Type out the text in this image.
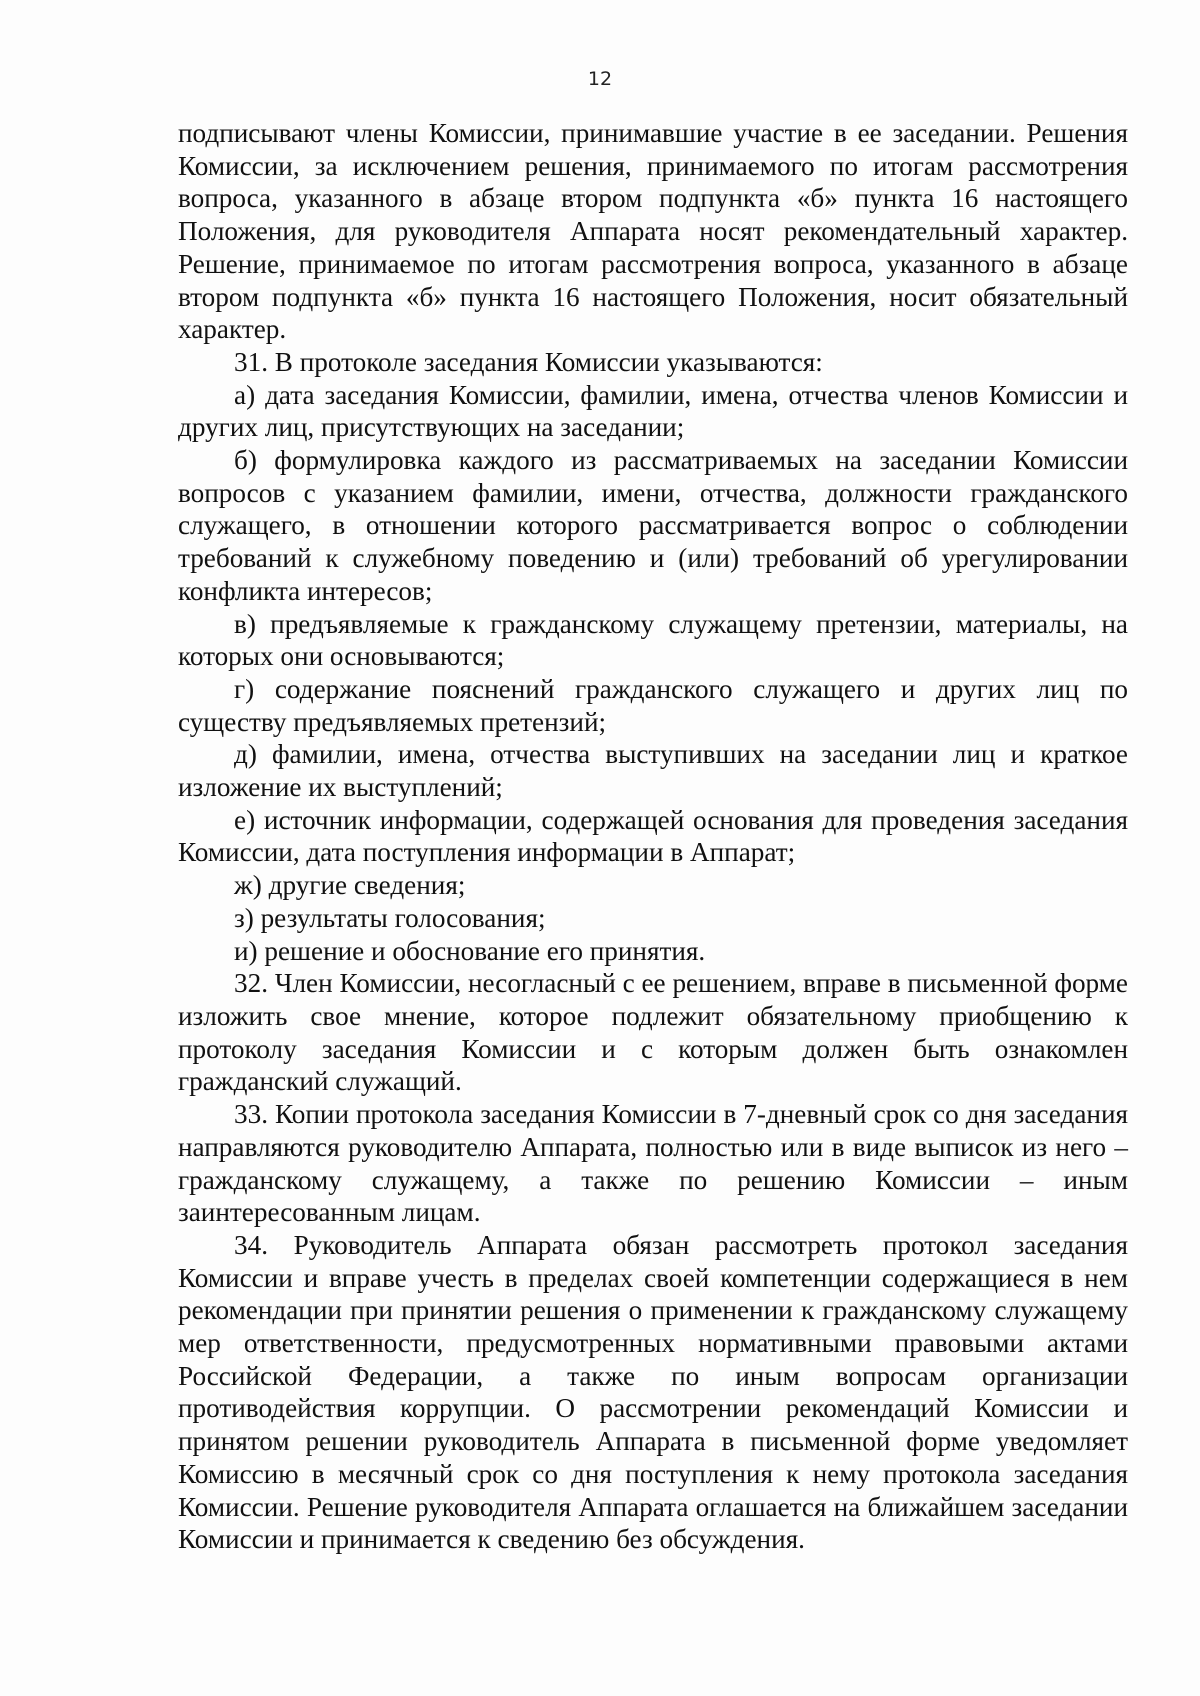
12

подписывают члены Комиссии, принимавшие участие в ее заседании. Решения Комиссии, за исключением решения, принимаемого по итогам рассмотрения вопроса, указанного в абзаце втором подпункта «б» пункта 16 настоящего Положения, для руководителя Аппарата носят рекомендательный характер. Решение, принимаемое по итогам рассмотрения вопроса, указанного в абзаце втором подпункта «б» пункта 16 настоящего Положения, носит обязательный характер.

31. В протоколе заседания Комиссии указываются:

а) дата заседания Комиссии, фамилии, имена, отчества членов Комиссии и других лиц, присутствующих на заседании;

б) формулировка каждого из рассматриваемых на заседании Комиссии вопросов с указанием фамилии, имени, отчества, должности гражданского служащего, в отношении которого рассматривается вопрос о соблюдении требований к служебному поведению и (или) требований об урегулировании конфликта интересов;

в) предъявляемые к гражданскому служащему претензии, материалы, на которых они основываются;

г) содержание пояснений гражданского служащего и других лиц по существу предъявляемых претензий;

д) фамилии, имена, отчества выступивших на заседании лиц и краткое изложение их выступлений;

е) источник информации, содержащей основания для проведения заседания Комиссии, дата поступления информации в Аппарат;

ж) другие сведения;

з) результаты голосования;

и) решение и обоснование его принятия.

32. Член Комиссии, несогласный с ее решением, вправе в письменной форме изложить свое мнение, которое подлежит обязательному приобщению к протоколу заседания Комиссии и с которым должен быть ознакомлен гражданский служащий.

33. Копии протокола заседания Комиссии в 7-дневный срок со дня заседания направляются руководителю Аппарата, полностью или в виде выписок из него – гражданскому служащему, а также по решению Комиссии – иным заинтересованным лицам.

34. Руководитель Аппарата обязан рассмотреть протокол заседания Комиссии и вправе учесть в пределах своей компетенции содержащиеся в нем рекомендации при принятии решения о применении к гражданскому служащему мер ответственности, предусмотренных нормативными правовыми актами Российской Федерации, а также по иным вопросам организации противодействия коррупции. О рассмотрении рекомендаций Комиссии и принятом решении руководитель Аппарата в письменной форме уведомляет Комиссию в месячный срок со дня поступления к нему протокола заседания Комиссии. Решение руководителя Аппарата оглашается на ближайшем заседании Комиссии и принимается к сведению без обсуждения.
